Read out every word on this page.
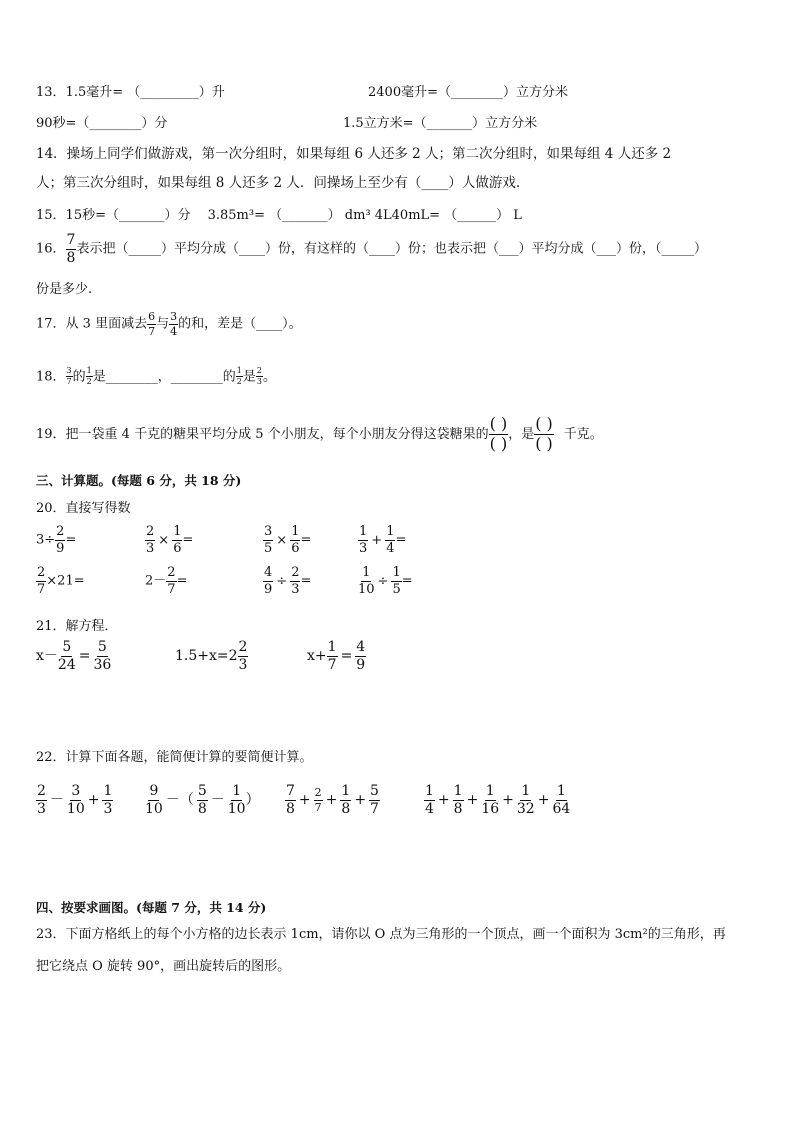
13．1.5毫升= （_________）升	2400毫升=（________）立方分米
90秒=（________）分	1.5立方米=（_______）立方分米
14．操场上同学们做游戏，第一次分组时，如果每组 6 人还多 2 人；第二次分组时，如果每组 4 人还多 2
人；第三次分组时，如果每组 8 人还多 2 人．问操场上至少有（____）人做游戏.
15．15秒=（_______）分　 3.85m³= （_______） dm³ 4L40mL= （______） L
16． $\frac{7}{8}$ 表示把（_____）平均分成（____）份，有这样的（____）份；也表示把（___）平均分成（___）份，（_____）
份是多少.
17．从 3 里面减去 $\frac{6}{7}$ 与 $\frac{3}{4}$ 的和，差是（____）。
18． $\frac{3}{7}$ 的 $\frac{1}{2}$ 是________，________的 $\frac{1}{2}$ 是 $\frac{2}{3}$ 。
19．把一袋重 4 千克的糖果平均分成 5 个小朋友，每个小朋友分得这袋糖果的
( )
( ) ，是
( )
( ) 千克。
三、计算题。(每题 6 分，共 18 分)
20．直接写得数
$3\div \frac{2}{9}$ =	$\frac{2}{3} \times \frac{1}{6}$ =	$\frac{3}{5} \times \frac{1}{6}$ =	$\frac{1}{3} + \frac{1}{4}$ =
$\frac{2}{7} \times 21=$	$2- \frac{2}{7}$ =	$\frac{4}{9} \div \frac{2}{3}$ =	$\frac{1}{10} \div \frac{1}{5}$ =
21．解方程．
$x- \frac{5}{24} = \frac{5}{36}$	$1.5+x=2 \frac{2}{3}$	$x+ \frac{1}{7} = \frac{4}{9}$
22．计算下面各题，能简便计算的要简便计算。
$\frac{2}{3} - \frac{3}{10} + \frac{1}{3} \frac{9}{10}$ －（ $\frac{5}{8} - \frac{1}{10}$ ） $\frac{7}{8} + \frac{2}{7} + \frac{1}{8} + \frac{5}{7}$	$\frac{1}{4} + \frac{1}{8} + \frac{1}{16} + \frac{1}{32} + \frac{1}{64}$
四、按要求画图。(每题 7 分，共 14 分)
23．下面方格纸上的每个小方格的边长表示 1cm，请你以 O 点为三角形的一个顶点，画一个面积为 3cm²的三角形，再
把它绕点 O 旋转 90°，画出旋转后的图形。
